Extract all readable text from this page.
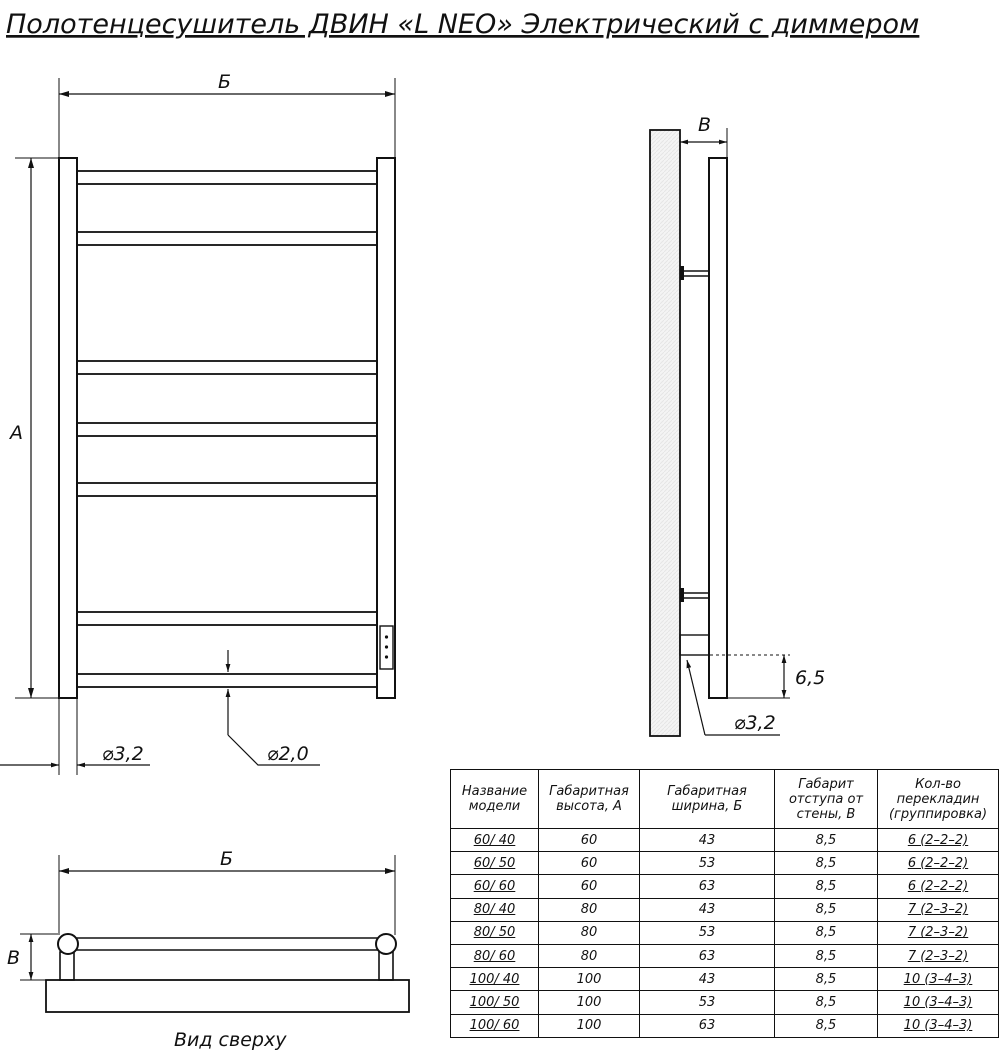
Полотенцесушитель ДВИН «L NEO» Электрический с диммером
Б
А
⌀2,0
⌀3,2
В
6,5
⌀3,2
Б
В
Вид сверху
Название модели	Габаритная высота, А	Габаритная ширина, Б	Габарит отступа от стены, В	Кол-во перекладин (группировка)
60/ 40	60	43	8,5	6 (2–2–2)
60/ 50	60	53	8,5	6 (2–2–2)
60/ 60	60	63	8,5	6 (2–2–2)
80/ 40	80	43	8,5	7 (2–3–2)
80/ 50	80	53	8,5	7 (2–3–2)
80/ 60	80	63	8,5	7 (2–3–2)
100/ 40	100	43	8,5	10 (3–4–3)
100/ 50	100	53	8,5	10 (3–4–3)
100/ 60	100	63	8,5	10 (3–4–3)
